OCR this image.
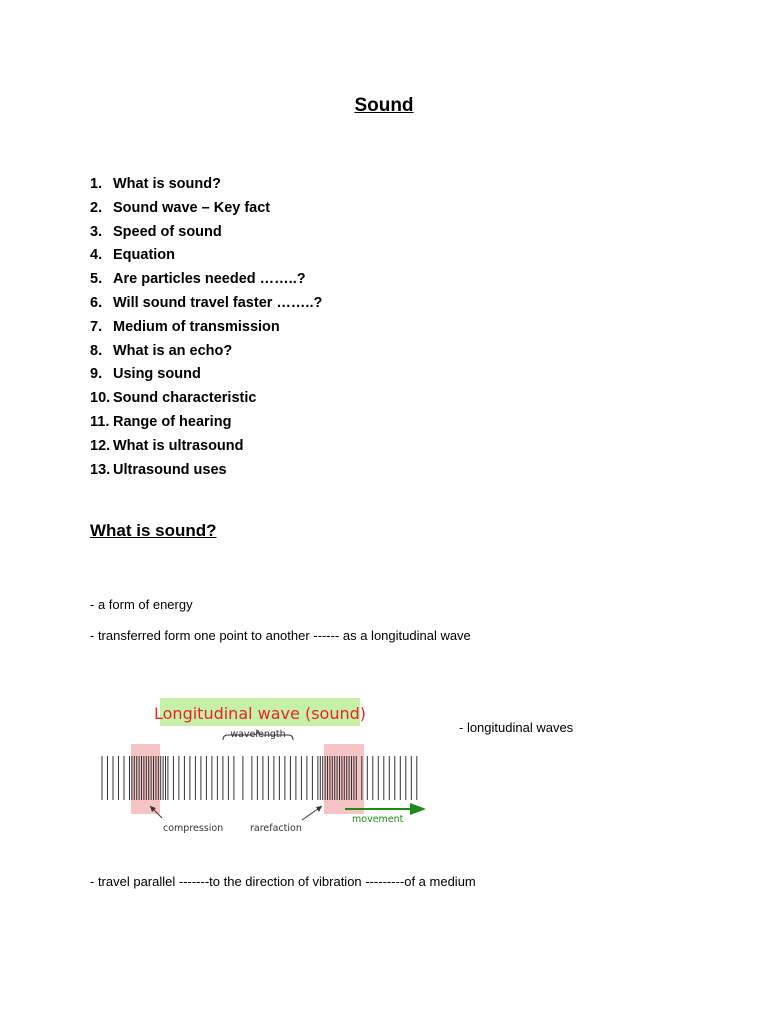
Sound
1. What is sound?
2. Sound wave – Key fact
3. Speed of sound
4. Equation
5. Are particles needed ……..?
6. Will sound travel faster ……..?
7. Medium of transmission
8. What is an echo?
9. Using sound
10. Sound characteristic
11. Range of hearing
12. What is ultrasound
13. Ultrasound uses
What is sound?
- a form of energy
- transferred form one point to another ------ as a longitudinal wave
- longitudinal waves
- travel parallel -------to the direction of vibration ---------of a medium
Longitudinal wave (sound)
wavelength
compression	rarefaction
movement
